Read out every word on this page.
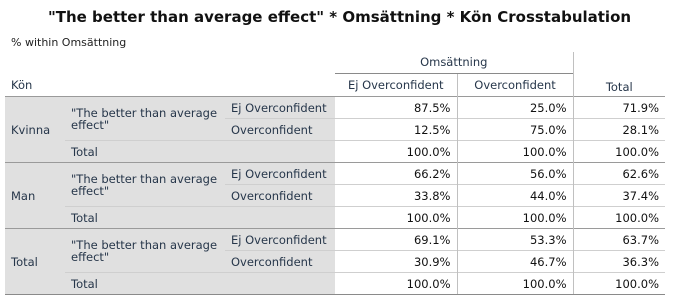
"The better than average effect" * Omsättning * Kön Crosstabulation
% within Omsättning
			Omsättning		
Kön			Ej Overconfident	Overconfident	Total
Kvinna	"The better than average effect"	Ej Overconfident	87.5%	25.0%	71.9%
		Overconfident	12.5%	75.0%	28.1%
	Total		100.0%	100.0%	100.0%
Man	"The better than average effect"	Ej Overconfident	66.2%	56.0%	62.6%
		Overconfident	33.8%	44.0%	37.4%
	Total		100.0%	100.0%	100.0%
Total	"The better than average effect"	Ej Overconfident	69.1%	53.3%	63.7%
		Overconfident	30.9%	46.7%	36.3%
	Total		100.0%	100.0%	100.0%
